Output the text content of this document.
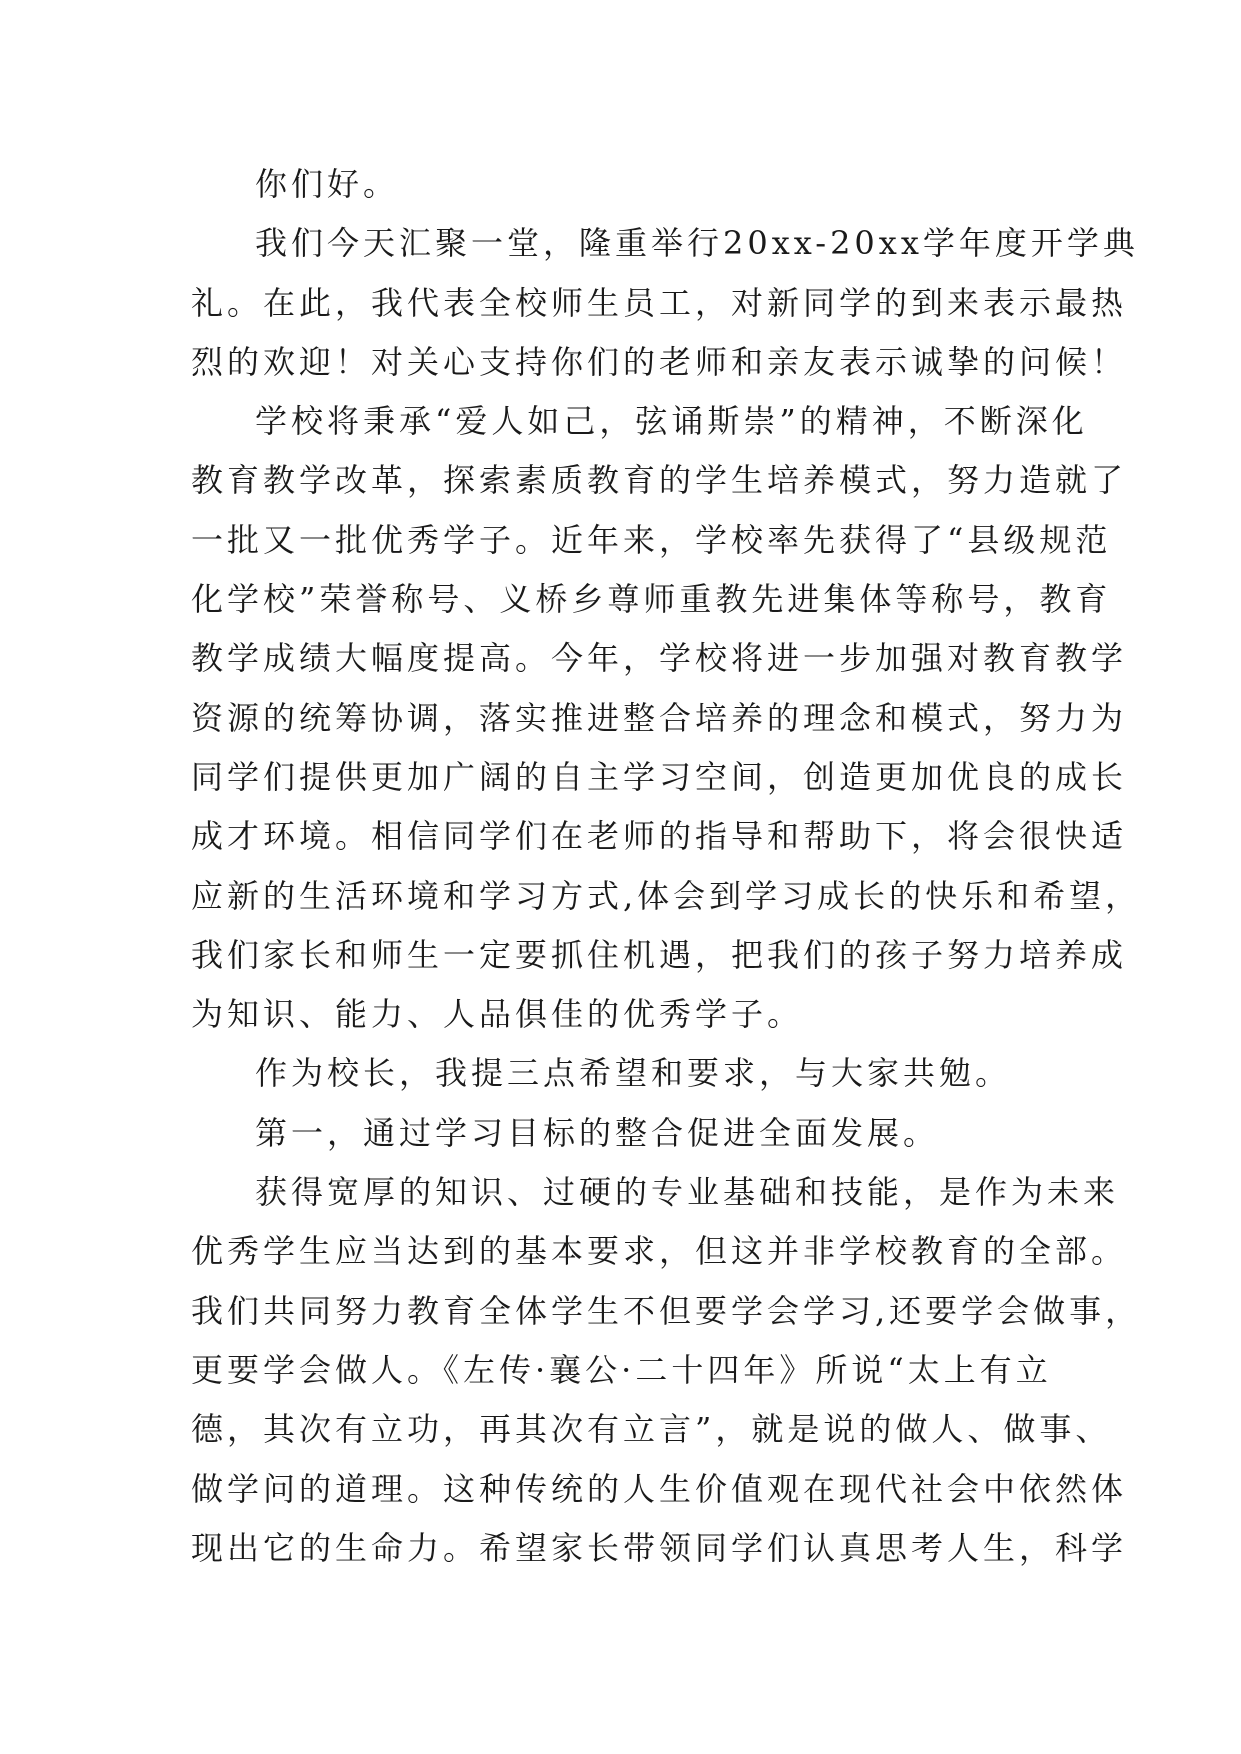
你们好。
我们今天汇聚一堂，隆重举行20xx-20xx学年度开学典
礼。在此，我代表全校师生员工，对新同学的到来表示最热
烈的欢迎！对关心支持你们的老师和亲友表示诚挚的问候！
学校将秉承“爱人如己，弦诵斯崇”的精神，不断深化
教育教学改革，探索素质教育的学生培养模式，努力造就了
一批又一批优秀学子。近年来，学校率先获得了“县级规范
化学校”荣誉称号、义桥乡尊师重教先进集体等称号，教育
教学成绩大幅度提高。今年，学校将进一步加强对教育教学
资源的统筹协调，落实推进整合培养的理念和模式，努力为
同学们提供更加广阔的自主学习空间，创造更加优良的成长
成才环境。相信同学们在老师的指导和帮助下，将会很快适
应新的生活环境和学习方式,体会到学习成长的快乐和希望，
我们家长和师生一定要抓住机遇，把我们的孩子努力培养成
为知识、能力、人品俱佳的优秀学子。
作为校长，我提三点希望和要求，与大家共勉。
第一，通过学习目标的整合促进全面发展。
获得宽厚的知识、过硬的专业基础和技能，是作为未来
优秀学生应当达到的基本要求，但这并非学校教育的全部。
我们共同努力教育全体学生不但要学会学习,还要学会做事，
更要学会做人。《左传·襄公·二十四年》所说“太上有立
德，其次有立功，再其次有立言”，就是说的做人、做事、
做学问的道理。这种传统的人生价值观在现代社会中依然体
现出它的生命力。希望家长带领同学们认真思考人生，科学
